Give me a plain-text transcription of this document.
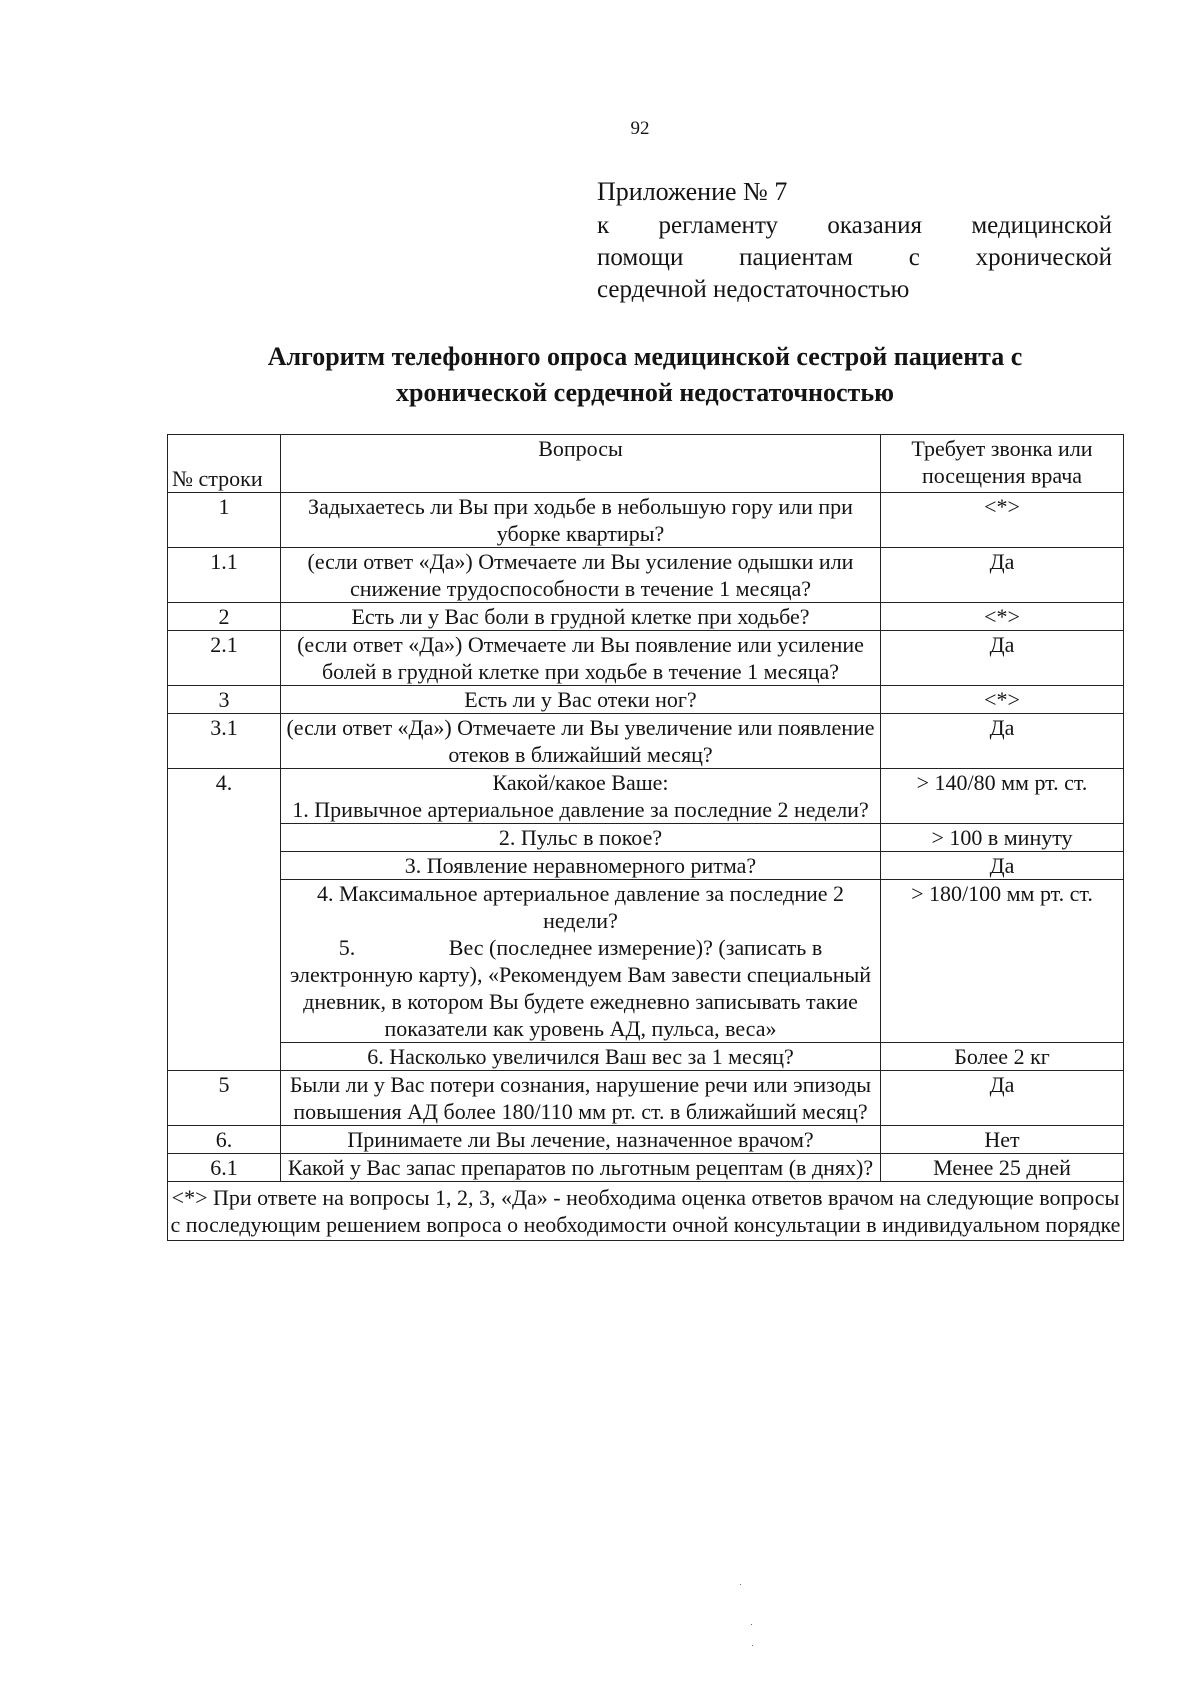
92
Приложение № 7
к регламенту оказания медицинской
помощи пациентам с хронической
сердечной недостаточностью
Алгоритм телефонного опроса медицинской сестрой пациента с
хронической сердечной недостаточностью
№ строки	Вопросы	Требует звонка или посещения врача
1	Задыхаетесь ли Вы при ходьбе в небольшую гору или при уборке квартиры?	<*>
1.1	(если ответ «Да») Отмечаете ли Вы усиление одышки или снижение трудоспособности в течение 1 месяца?	Да
2	Есть ли у Вас боли в грудной клетке при ходьбе?	<*>
2.1	(если ответ «Да») Отмечаете ли Вы появление или усиление болей в грудной клетке при ходьбе в течение 1 месяца?	Да
3	Есть ли у Вас отеки ног?	<*>
3.1	(если ответ «Да») Отмечаете ли Вы увеличение или появление отеков в ближайший месяц?	Да
4.	Какой/какое Ваше:
1. Привычное артериальное давление за последние 2 недели?	> 140/80 мм рт. ст.
	2. Пульс в покое?	> 100 в минуту
	3. Появление неравномерного ритма?	Да

	4. Максимальное артериальное давление за последние 2 недели?
5.                 Вес (последнее измерение)? (записать в электронную карту), «Рекомендуем Вам завести специальный дневник, в котором Вы будете ежедневно записывать такие показатели как уровень АД, пульса, веса»	> 180/100 мм рт. ст.
	6. Насколько увеличился Ваш вес за 1 месяц?	Более 2 кг
5	Были ли у Вас потери сознания, нарушение речи или эпизоды повышения АД более 180/110 мм рт. ст. в ближайший месяц?	Да
6.	Принимаете ли Вы лечение, назначенное врачом?	Нет
6.1	Какой у Вас запас препаратов по льготным рецептам (в днях)?	Менее 25 дней
<*> При ответе на вопросы 1, 2, 3, «Да» - необходима оценка ответов врачом на следующие вопросы с последующим решением вопроса о необходимости очной консультации в индивидуальном порядке		
